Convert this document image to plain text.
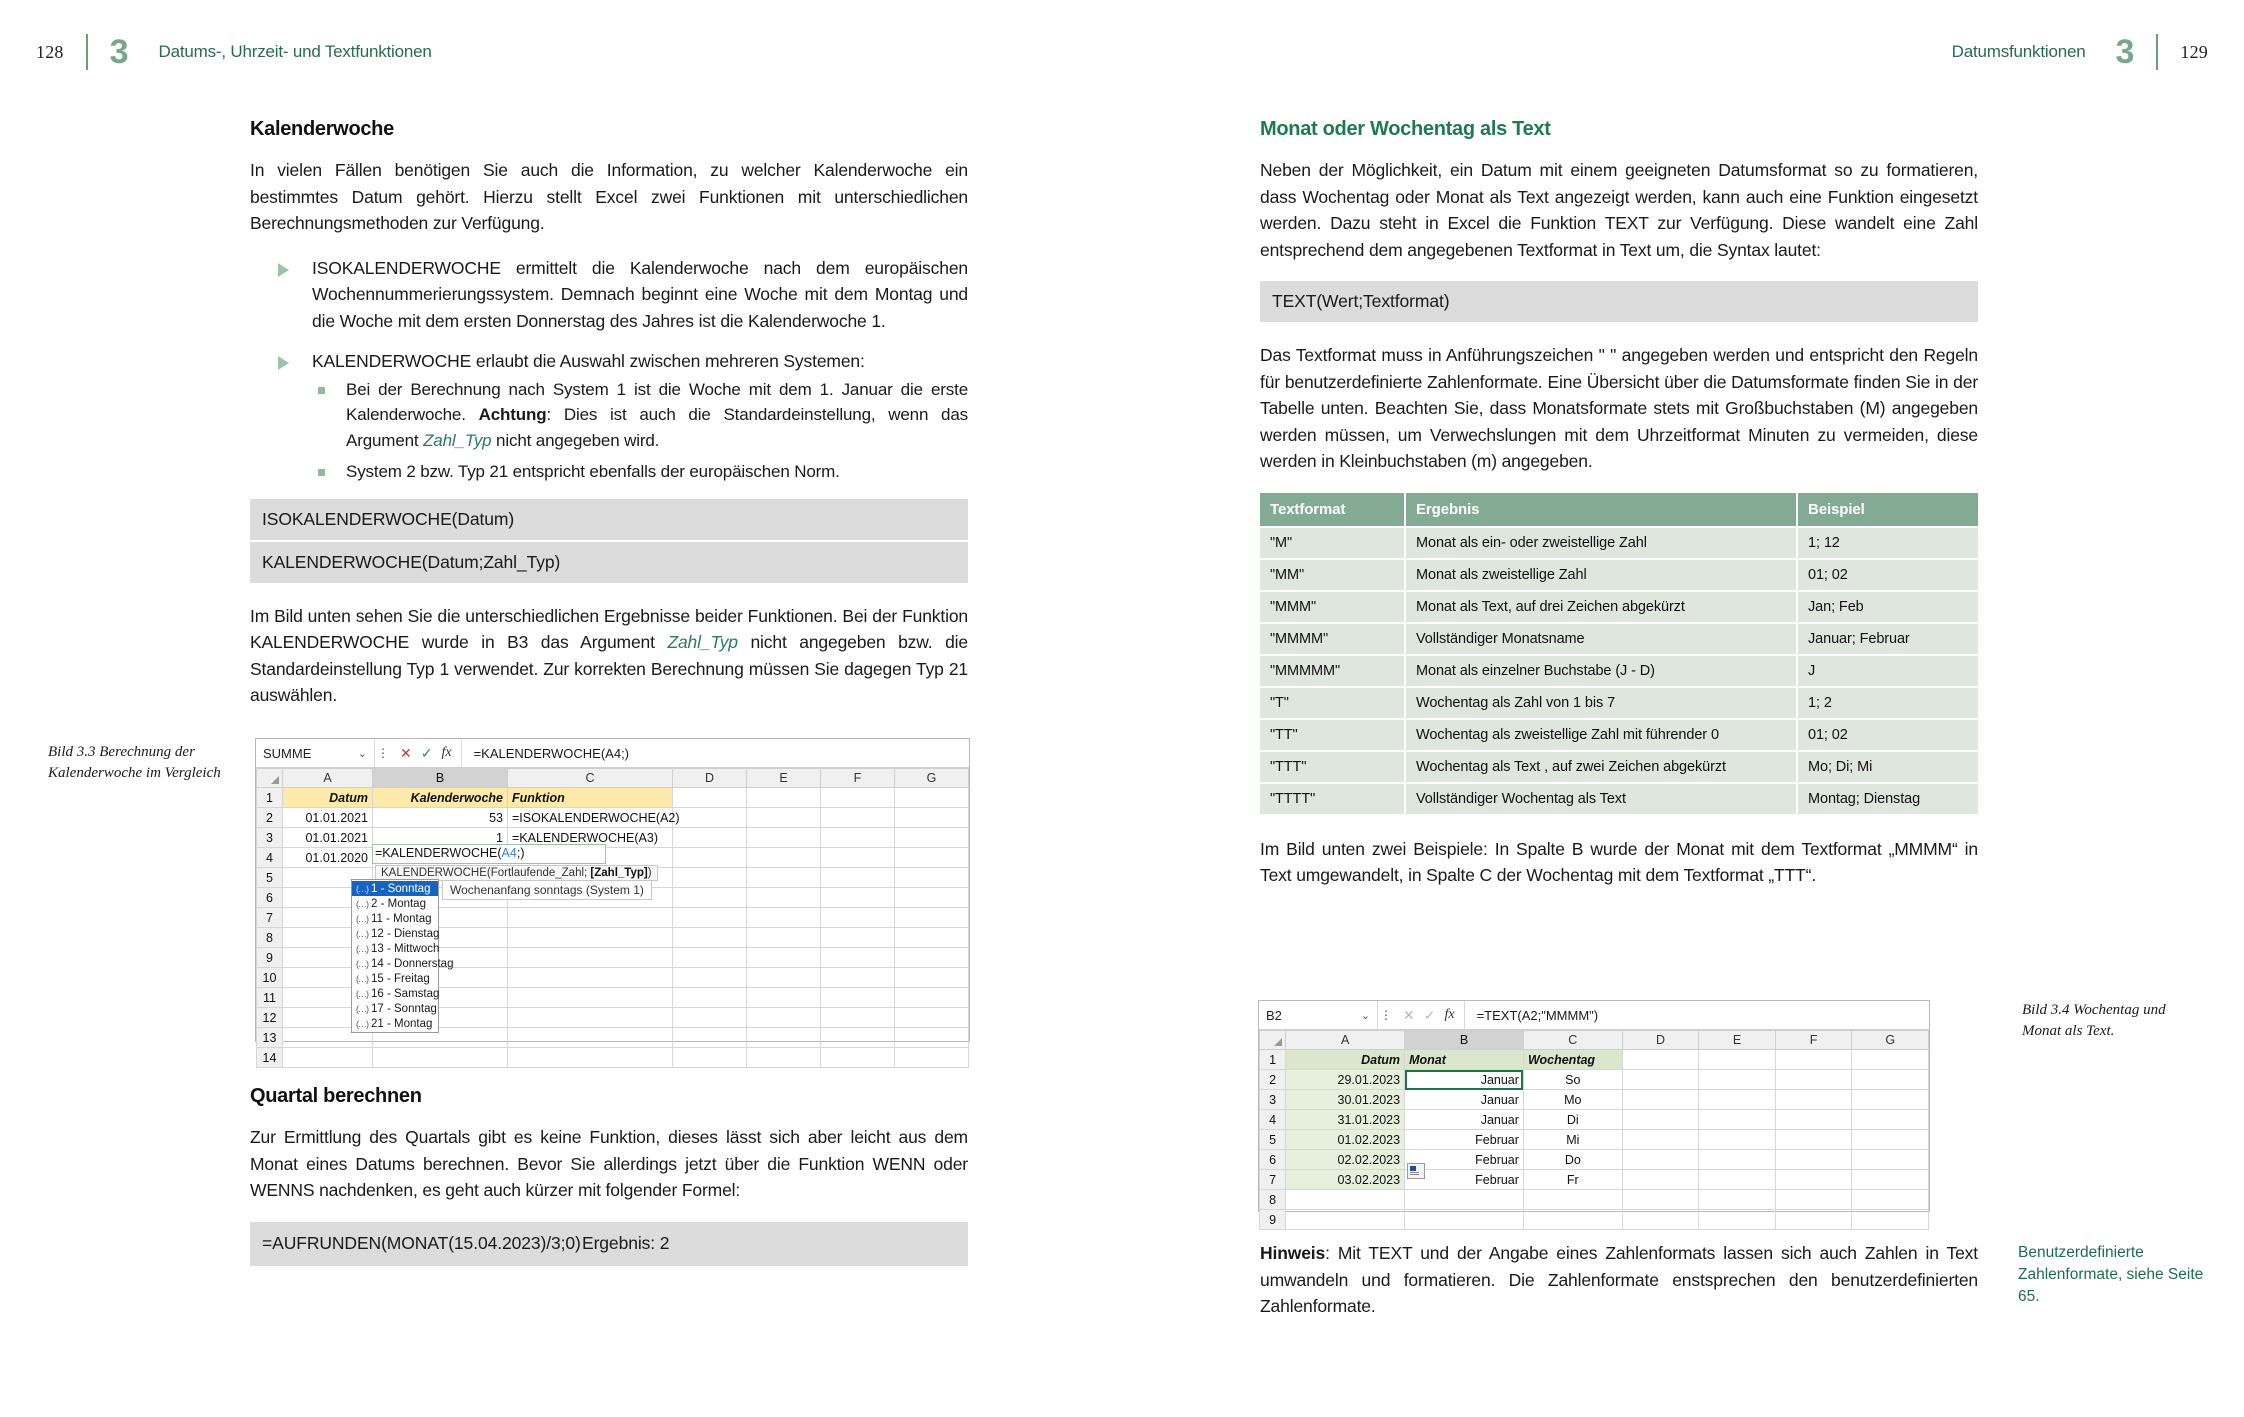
128 3 Datums-, Uhrzeit- und Textfunktionen	Datumsfunktionen 3	129
Kalenderwoche

In vielen Fällen benötigen Sie auch die Information, zu welcher Kalenderwoche ein bestimmtes Datum gehört. Hierzu stellt Excel zwei Funktionen mit unterschiedlichen Berechnungsmethoden zur Verfügung.

ISOKALENDERWOCHE ermittelt die Kalenderwoche nach dem europäischen Wochennummerierungssystem. Demnach beginnt eine Woche mit dem Montag und die Woche mit dem ersten Donnerstag des Jahres ist die Kalenderwoche 1.
KALENDERWOCHE erlaubt die Auswahl zwischen mehreren Systemen:
Bei der Berechnung nach System 1 ist die Woche mit dem 1. Januar die erste Kalenderwoche. Achtung: Dies ist auch die Standardeinstellung, wenn das Argument Zahl_Typ nicht angegeben wird.
System 2 bzw. Typ 21 entspricht ebenfalls der europäischen Norm.
ISOKALENDERWOCHE(Datum)
KALENDERWOCHE(Datum;Zahl_Typ)

Im Bild unten sehen Sie die unterschiedlichen Ergebnisse beider Funktionen. Bei der Funktion KALENDERWOCHE wurde in B3 das Argument Zahl_Typ nicht angegeben bzw. die Standardeinstellung Typ 1 verwendet. Zur korrekten Berechnung müssen Sie dagegen Typ 21 auswählen.

Bild 3.3 Berechnung der Kalenderwoche im Vergleich
SUMME	⌄ ⋮ ✕ ✓ fx	=KALENDERWOCHE(A4;)
	A	B	C	D	E	F	G
1	Datum	Kalenderwoche	Funktion				
2	01.01.2021	53	=ISOKALENDERWOCHE(A2)				
3	01.01.2021	1	=KALENDERWOCHE(A3)				
4	01.01.2020						
5							
6							
7							
8							
9							
10							
11							
12							
13							
14							
=KALENDERWOCHE(A4;)
KALENDERWOCHE(Fortlaufende_Zahl; [Zahl_Typ])
Wochenanfang sonntags (System 1)
(…) 1 - Sonntag
(…) 2 - Montag
(…) 11 - Montag
(…) 12 - Dienstag
(…) 13 - Mittwoch
(…) 14 - Donnerstag
(…) 15 - Freitag
(…) 16 - Samstag
(…) 17 - Sonntag
(…) 21 - Montag
Quartal berechnen

Zur Ermittlung des Quartals gibt es keine Funktion, dieses lässt sich aber leicht aus dem Monat eines Datums berechnen. Bevor Sie allerdings jetzt über die Funktion WENN oder WENNS nachdenken, es geht auch kürzer mit folgender Formel:

=AUFRUNDEN(MONAT(15.04.2023)/3;0) Ergebnis: 2
Monat oder Wochentag als Text

Neben der Möglichkeit, ein Datum mit einem geeigneten Datumsformat so zu formatieren, dass Wochentag oder Monat als Text angezeigt werden, kann auch eine Funktion eingesetzt werden. Dazu steht in Excel die Funktion TEXT zur Verfügung. Diese wandelt eine Zahl entsprechend dem angegebenen Textformat in Text um, die Syntax lautet:

TEXT(Wert;Textformat)

Das Textformat muss in Anführungszeichen " " angegeben werden und entspricht den Regeln für benutzerdefinierte Zahlenformate. Eine Übersicht über die Datumsformate finden Sie in der Tabelle unten. Beachten Sie, dass Monatsformate stets mit Großbuchstaben (M) angegeben werden müssen, um Verwechslungen mit dem Uhrzeitformat Minuten zu vermeiden, diese werden in Kleinbuchstaben (m) angegeben.

Textformat	Ergebnis	Beispiel
"M"	Monat als ein- oder zweistellige Zahl	1; 12
"MM"	Monat als zweistellige Zahl	01; 02
"MMM"	Monat als Text, auf drei Zeichen abgekürzt	Jan; Feb
"MMMM"	Vollständiger Monatsname	Januar; Februar
"MMMMM"	Monat als einzelner Buchstabe (J - D)	J
"T"	Wochentag als Zahl von 1 bis 7	1; 2
"TT"	Wochentag als zweistellige Zahl mit führender 0	01; 02
"TTT"	Wochentag als Text , auf zwei Zeichen abgekürzt	Mo; Di; Mi
"TTTT"	Vollständiger Wochentag als Text	Montag; Dienstag

Im Bild unten zwei Beispiele: In Spalte B wurde der Monat mit dem Textformat „MMMM“ in Text umgewandelt, in Spalte C der Wochentag mit dem Textformat „TTT“.

Bild 3.4 Wochentag und Monat als Text.
B2	⌄ ⋮ ✕ ✓ fx	=TEXT(A2;"MMMM")
	A	B	C	D	E	F	G
1	Datum	Monat	Wochentag				
2	29.01.2023	Januar	So				
3	30.01.2023	Januar	Mo				
4	31.01.2023	Januar	Di				
5	01.02.2023	Februar	Mi				
6	02.02.2023	Februar	Do				
7	03.02.2023	Februar	Fr				
8							
9							

Hinweis: Mit TEXT und der Angabe eines Zahlenformats lassen sich auch Zahlen in Text umwandeln und formatieren. Die Zahlenformate enstsprechen den benutzerdefinierten Zahlenformate.

Benutzerdefinierte Zahlenformate, siehe Seite 65.
